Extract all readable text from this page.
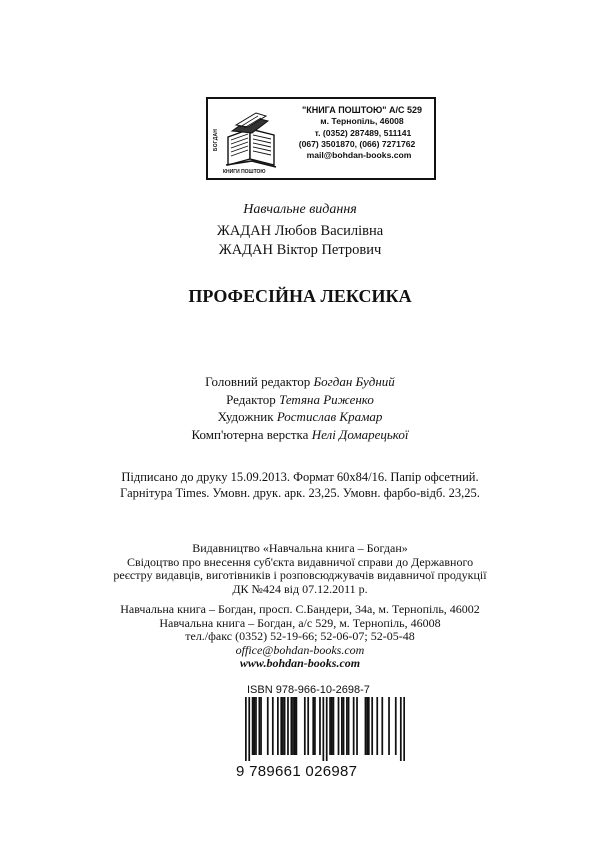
БОГДАН
КНИГИ ПОШТОЮ
"КНИГА ПОШТОЮ" А/С 529
м. Тернопіль, 46008
т. (0352) 287489, 511141
(067) 3501870, (066) 7271762
mail@bohdan-books.com
Навчальне видання
ЖАДАН Любов Василівна
ЖАДАН Віктор Петрович
ПРОФЕСІЙНА ЛЕКСИКА
Головний редактор Богдан Будний
Редактор Тетяна Риженко
Художник Ростислав Крамар
Комп'ютерна верстка Нелі Домарецької
Підписано до друку 15.09.2013. Формат 60х84/16. Папір офсетний.
Гарнітура Times. Умовн. друк. арк. 23,25. Умовн. фарбо-відб. 23,25.
Видавництво «Навчальна книга – Богдан»
Свідоцтво про внесення суб'єкта видавничої справи до Державного
реєстру видавців, виготівників і розповсюджувачів видавничої продукції
ДК №424 від 07.12.2011 р.
Навчальна книга – Богдан, просп. С.Бандери, 34а, м. Тернопіль, 46002
Навчальна книга – Богдан, а/с 529, м. Тернопіль, 46008
тел./факс (0352) 52-19-66; 52-06-07; 52-05-48
office@bohdan-books.com
www.bohdan-books.com
ISBN 978-966-10-2698-7
9 789661 026987
